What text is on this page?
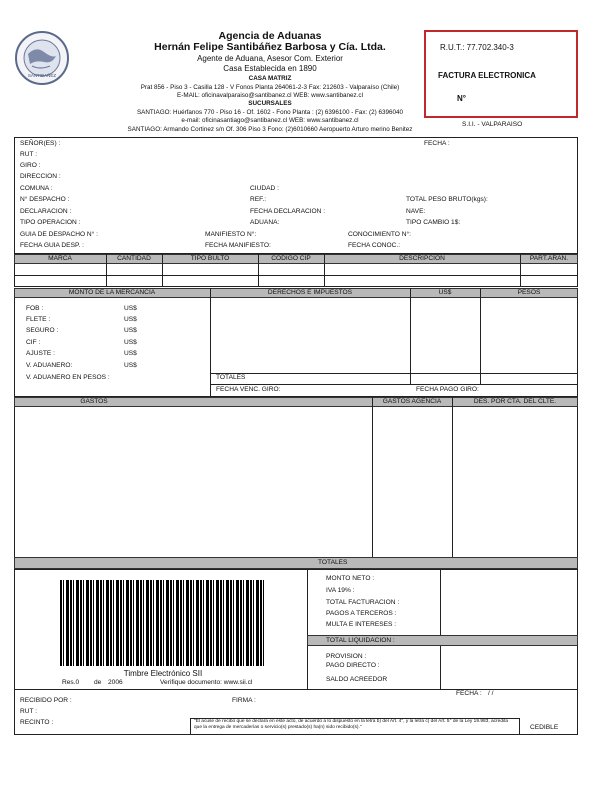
SANTIBAÑEZ
Agencia de Aduanas
Hernán Felipe Santibáñez Barbosa y Cía. Ltda.
Agente de Aduana, Asesor Com. Exterior
Casa Establecida en 1890
CASA MATRIZ
Prat 856 - Piso 3 - Casilla 128 - V Fonos Planta 264061-2-3 Fax: 212603 - Valparaíso (Chile)
E-MAIL: oficinavalparaiso@santibanez.cl WEB: www.santibanez.cl
SUCURSALES
SANTIAGO: Huérfanos 770 - Piso 16 - Of. 1602 - Fono Planta : (2) 6396100 - Fax: (2) 6396040
e-mail: oficinasantiago@santibanez.cl WEB: www.santibanez.cl
SANTIAGO: Armando Cortinez s/n Of. 306 Piso 3 Fono: (2)6010660 Aeropuerto Arturo merino Benitez
R.U.T.: 77.702.340-3
FACTURA ELECTRONICA
N°
S.I.I. - VALPARAISO
SEÑOR(ES) :	FECHA :
RUT :
GIRO :
DIRECCION :
COMUNA :	CIUDAD :
N° DESPACHO :	REF.:	TOTAL PESO BRUTO(kgs):
DECLARACION :	FECHA DECLARACION :	NAVE:
TIPO OPERACION :	ADUANA:	TIPO CAMBIO 1$:
GUIA DE DESPACHO N° :	MANIFIESTO N°:	CONOCIMIENTO N°:
FECHA GUIA DESP. :	FECHA MANIFIESTO:	FECHA CONOC.:
MARCA	CANTIDAD	TIPO BULTO	CODIGO CIP	DESCRIPCION	PART.ARAN.
MONTO DE LA MERCANCIA	DERECHOS E IMPUESTOS	US$	PESOS
FOB :	US$
FLETE :	US$
SEGURO :	US$
CIF :	US$
AJUSTE :	US$
V. ADUANERO:	US$
V. ADUANERO EN PESOS :	TOTALES
FECHA VENC. GIRO:	FECHA PAGO GIRO:
GASTOS	GASTOS AGENCIA	DES. POR CTA. DEL CLTE.
TOTALES
Timbre Electrónico SII
Res.0 de 2006	Verifique documento: www.sii.cl
MONTO NETO :
IVA 19% :
TOTAL FACTURACION :
PAGOS A TERCEROS :
MULTA E INTERESES :
TOTAL LIQUIDACION :
PROVISION :
PAGO DIRECTO :
SALDO ACREEDOR
FECHA : / /
RECIBIDO POR :	FIRMA :
RUT :
RECINTO :	"El acuse de recibo que se declara en este acto, de acuerdo a lo dispuesto en la letra b) del Art. 4°, y la letra c) del Art. 5° de la Ley 19.983, acredita que la entrega de mercaderías o servicio(s) prestado(s) ha(n) sido recibido(s)."	CEDIBLE
